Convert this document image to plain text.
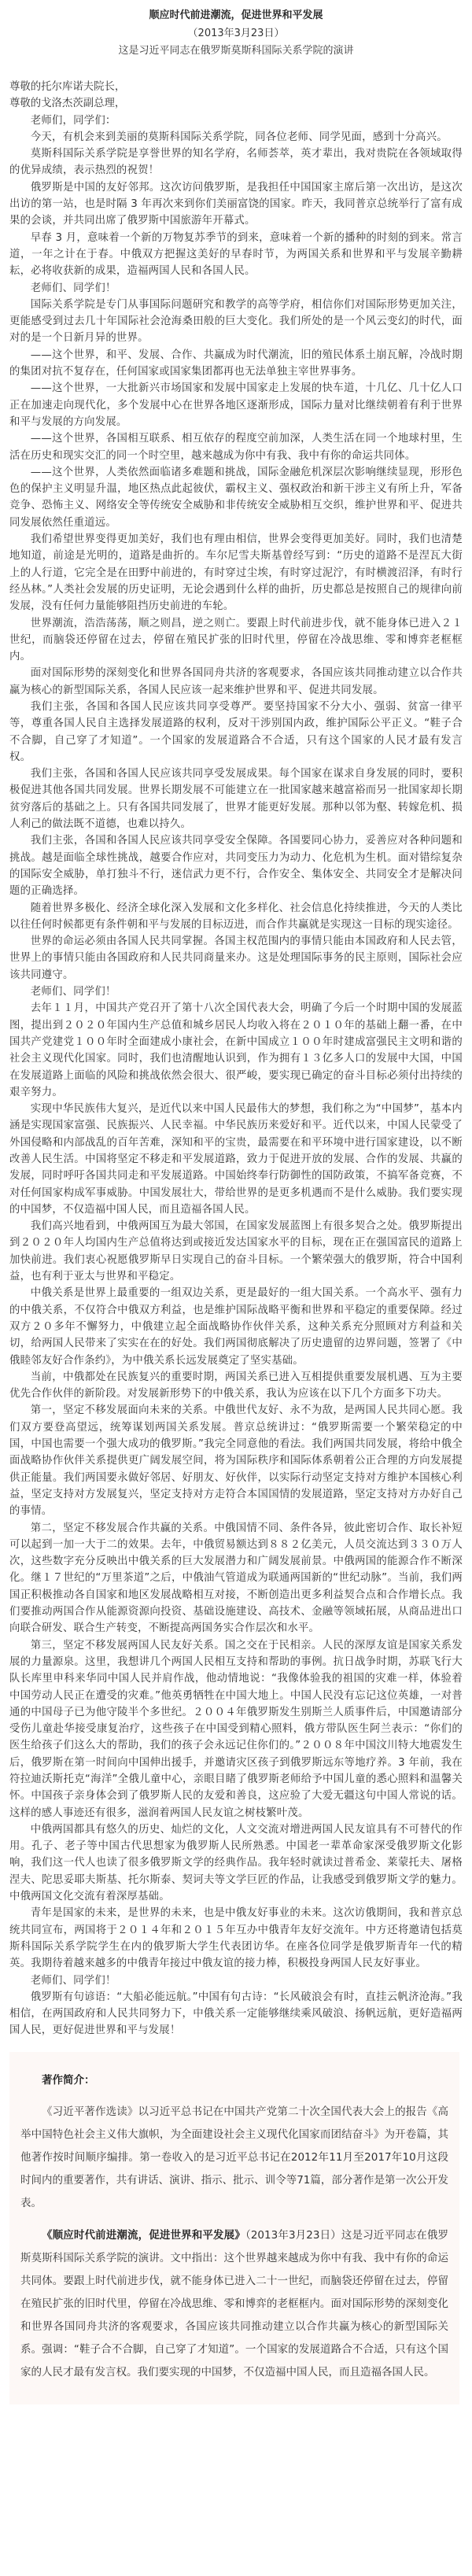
顺应时代前进潮流，促进世界和平发展

（2013年3月23日）

这是习近平同志在俄罗斯莫斯科国际关系学院的演讲

尊敬的托尔库诺夫院长，

尊敬的戈洛杰茨副总理，

老师们，同学们：

今天，有机会来到美丽的莫斯科国际关系学院，同各位老师、同学见面，感到十分高兴。

莫斯科国际关系学院是享誉世界的知名学府，名师荟萃，英才辈出，我对贵院在各领域取得的优异成绩，表示热烈的祝贺！

俄罗斯是中国的友好邻邦。这次访问俄罗斯，是我担任中国国家主席后第一次出访，是这次出访的第一站，也是时隔 3 年再次来到你们美丽富饶的国家。昨天，我同普京总统举行了富有成果的会谈，并共同出席了俄罗斯中国旅游年开幕式。

早春 3 月，意味着一个新的万物复苏季节的到来，意味着一个新的播种的时刻的到来。常言道，一年之计在于春。中俄双方把握这美好的早春时节，为两国关系和世界和平与发展辛勤耕耘，必将收获新的成果，造福两国人民和各国人民。

老师们、同学们！

国际关系学院是专门从事国际问题研究和教学的高等学府，相信你们对国际形势更加关注，更能感受到过去几十年国际社会沧海桑田般的巨大变化。我们所处的是一个风云变幻的时代，面对的是一个日新月异的世界。

——这个世界，和平、发展、合作、共赢成为时代潮流，旧的殖民体系土崩瓦解，冷战时期的集团对抗不复存在，任何国家或国家集团都再也无法单独主宰世界事务。

——这个世界，一大批新兴市场国家和发展中国家走上发展的快车道，十几亿、几十亿人口正在加速走向现代化，多个发展中心在世界各地区逐渐形成，国际力量对比继续朝着有利于世界和平与发展的方向发展。

——这个世界，各国相互联系、相互依存的程度空前加深，人类生活在同一个地球村里，生活在历史和现实交汇的同一个时空里，越来越成为你中有我、我中有你的命运共同体。

——这个世界，人类依然面临诸多难题和挑战，国际金融危机深层次影响继续显现，形形色色的保护主义明显升温，地区热点此起彼伏，霸权主义、强权政治和新干涉主义有所上升，军备竞争、恐怖主义、网络安全等传统安全威胁和非传统安全威胁相互交织，维护世界和平、促进共同发展依然任重道远。

我们希望世界变得更加美好，我们也有理由相信，世界会变得更加美好。同时，我们也清楚地知道，前途是光明的，道路是曲折的。车尔尼雪夫斯基曾经写到：“历史的道路不是涅瓦大街上的人行道，它完全是在田野中前进的，有时穿过尘埃，有时穿过泥泞，有时横渡沼泽，有时行经丛林。”人类社会发展的历史证明，无论会遇到什么样的曲折，历史都总是按照自己的规律向前发展，没有任何力量能够阻挡历史前进的车轮。

世界潮流，浩浩荡荡，顺之则昌，逆之则亡。要跟上时代前进步伐，就不能身体已进入２１世纪，而脑袋还停留在过去，停留在殖民扩张的旧时代里，停留在冷战思维、零和博弈老框框内。

面对国际形势的深刻变化和世界各国同舟共济的客观要求，各国应该共同推动建立以合作共赢为核心的新型国际关系，各国人民应该一起来维护世界和平、促进共同发展。

我们主张，各国和各国人民应该共同享受尊严。要坚持国家不分大小、强弱、贫富一律平等，尊重各国人民自主选择发展道路的权利，反对干涉别国内政，维护国际公平正义。“鞋子合不合脚，自己穿了才知道”。一个国家的发展道路合不合适，只有这个国家的人民才最有发言权。

我们主张，各国和各国人民应该共同享受发展成果。每个国家在谋求自身发展的同时，要积极促进其他各国共同发展。世界长期发展不可能建立在一批国家越来越富裕而另一批国家却长期贫穷落后的基础之上。只有各国共同发展了，世界才能更好发展。那种以邻为壑、转嫁危机、损人利己的做法既不道德，也难以持久。

我们主张，各国和各国人民应该共同享受安全保障。各国要同心协力，妥善应对各种问题和挑战。越是面临全球性挑战，越要合作应对，共同变压力为动力、化危机为生机。面对错综复杂的国际安全威胁，单打独斗不行，迷信武力更不行，合作安全、集体安全、共同安全才是解决问题的正确选择。

随着世界多极化、经济全球化深入发展和文化多样化、社会信息化持续推进，今天的人类比以往任何时候都更有条件朝和平与发展的目标迈进，而合作共赢就是实现这一目标的现实途径。

世界的命运必须由各国人民共同掌握。各国主权范围内的事情只能由本国政府和人民去管，世界上的事情只能由各国政府和人民共同商量来办。这是处理国际事务的民主原则，国际社会应该共同遵守。

老师们、同学们！

去年１１月，中国共产党召开了第十八次全国代表大会，明确了今后一个时期中国的发展蓝图，提出到２０２０年国内生产总值和城乡居民人均收入将在２０１０年的基础上翻一番，在中国共产党建党１００年时全面建成小康社会，在新中国成立１００年时建成富强民主文明和谐的社会主义现代化国家。同时，我们也清醒地认识到，作为拥有１３亿多人口的发展中大国，中国在发展道路上面临的风险和挑战依然会很大、很严峻，要实现已确定的奋斗目标必须付出持续的艰辛努力。

实现中华民族伟大复兴，是近代以来中国人民最伟大的梦想，我们称之为“中国梦”，基本内涵是实现国家富强、民族振兴、人民幸福。中华民族历来爱好和平。近代以来，中国人民蒙受了外国侵略和内部战乱的百年苦难，深知和平的宝贵，最需要在和平环境中进行国家建设，以不断改善人民生活。中国将坚定不移走和平发展道路，致力于促进开放的发展、合作的发展、共赢的发展，同时呼吁各国共同走和平发展道路。中国始终奉行防御性的国防政策，不搞军备竞赛，不对任何国家构成军事威胁。中国发展壮大，带给世界的是更多机遇而不是什么威胁。我们要实现的中国梦，不仅造福中国人民，而且造福各国人民。

我们高兴地看到，中俄两国互为最大邻国，在国家发展蓝图上有很多契合之处。俄罗斯提出到２０２０年人均国内生产总值将达到或接近发达国家水平的目标，现在正在强国富民的道路上加快前进。我们衷心祝愿俄罗斯早日实现自己的奋斗目标。一个繁荣强大的俄罗斯，符合中国利益，也有利于亚太与世界和平稳定。

中俄关系是世界上最重要的一组双边关系，更是最好的一组大国关系。一个高水平、强有力的中俄关系，不仅符合中俄双方利益，也是维护国际战略平衡和世界和平稳定的重要保障。经过双方２０多年不懈努力，中俄建立起全面战略协作伙伴关系，这种关系充分照顾对方利益和关切，给两国人民带来了实实在在的好处。我们两国彻底解决了历史遗留的边界问题，签署了《中俄睦邻友好合作条约》，为中俄关系长远发展奠定了坚实基础。

当前，中俄都处在民族复兴的重要时期，两国关系已进入互相提供重要发展机遇、互为主要优先合作伙伴的新阶段。对发展新形势下的中俄关系，我认为应该在以下几个方面多下功夫。

第一，坚定不移发展面向未来的关系。中俄世代友好、永不为敌，是两国人民共同心愿。我们双方要登高望远，统筹谋划两国关系发展。普京总统讲过：“俄罗斯需要一个繁荣稳定的中国，中国也需要一个强大成功的俄罗斯。”我完全同意他的看法。我们两国共同发展，将给中俄全面战略协作伙伴关系提供更广阔发展空间，将为国际秩序和国际体系朝着公正合理的方向发展提供正能量。我们两国要永做好邻居、好朋友、好伙伴，以实际行动坚定支持对方维护本国核心利益，坚定支持对方发展复兴，坚定支持对方走符合本国国情的发展道路，坚定支持对方办好自己的事情。

第二，坚定不移发展合作共赢的关系。中俄国情不同、条件各异，彼此密切合作、取长补短可以起到一加一大于二的效果。去年，中俄贸易额达到８８２亿美元，人员交流达到３３０万人次，这些数字充分反映出中俄关系的巨大发展潜力和广阔发展前景。中俄两国的能源合作不断深化。继１７世纪的“万里茶道”之后，中俄油气管道成为联通两国新的“世纪动脉”。当前，我们两国正积极推动各自国家和地区发展战略相互对接，不断创造出更多利益契合点和合作增长点。我们要推动两国合作从能源资源向投资、基础设施建设、高技术、金融等领域拓展，从商品进出口向联合研发、联合生产转变，不断提高两国务实合作层次和水平。

第三，坚定不移发展两国人民友好关系。国之交在于民相亲。人民的深厚友谊是国家关系发展的力量源泉。这里，我想讲几个两国人民相互支持和帮助的事例。抗日战争时期，苏联飞行大队长库里申科来华同中国人民并肩作战，他动情地说：“我像体验我的祖国的灾难一样，体验着中国劳动人民正在遭受的灾难。”他英勇牺牲在中国大地上。中国人民没有忘记这位英雄，一对普通的中国母子已为他守陵半个多世纪。２００４年俄罗斯发生别斯兰人质事件后，中国邀请部分受伤儿童赴华接受康复治疗，这些孩子在中国受到精心照料，俄方带队医生阿兰表示：“你们的医生给孩子们这么大的帮助，我们的孩子会永远记住你们的。”２００８年中国汶川特大地震发生后，俄罗斯在第一时间向中国伸出援手，并邀请灾区孩子到俄罗斯远东等地疗养。3 年前，我在符拉迪沃斯托克“海洋”全俄儿童中心，亲眼目睹了俄罗斯老师给予中国儿童的悉心照料和温馨关怀。中国孩子亲身体会到了俄罗斯人民的友爱和善良，这应验了大爱无疆这句中国人常说的话。这样的感人事迹还有很多，滋润着两国人民友谊之树枝繁叶茂。

中俄两国都具有悠久的历史、灿烂的文化，人文交流对增进两国人民友谊具有不可替代的作用。孔子、老子等中国古代思想家为俄罗斯人民所熟悉。中国老一辈革命家深受俄罗斯文化影响，我们这一代人也读了很多俄罗斯文学的经典作品。我年轻时就读过普希金、莱蒙托夫、屠格涅夫、陀思妥耶夫斯基、托尔斯泰、契诃夫等文学巨匠的作品，让我感受到俄罗斯文学的魅力。中俄两国文化交流有着深厚基础。

青年是国家的未来，是世界的未来，也是中俄友好事业的未来。这次访俄期间，我和普京总统共同宣布，两国将于２０１４年和２０１５年互办中俄青年友好交流年。中方还将邀请包括莫斯科国际关系学院学生在内的俄罗斯大学生代表团访华。在座各位同学是俄罗斯青年一代的精英。我期待着越来越多的中俄青年接过中俄友谊的接力棒，积极投身两国人民友好事业。

老师们、同学们！

俄罗斯有句谚语：“大船必能远航。”中国有句古诗：“长风破浪会有时，直挂云帆济沧海。”我相信，在两国政府和人民共同努力下，中俄关系一定能够继续乘风破浪、扬帆远航，更好造福两国人民，更好促进世界和平与发展！

著作简介：

《习近平著作选读》以习近平总书记在中国共产党第二十次全国代表大会上的报告《高举中国特色社会主义伟大旗帜，为全面建设社会主义现代化国家而团结奋斗》为开卷篇，其他著作按时间顺序编排。第一卷收入的是习近平总书记在2012年11月至2017年10月这段时间内的重要著作，共有讲话、演讲、指示、批示、训令等71篇，部分著作是第一次公开发表。

《顺应时代前进潮流，促进世界和平发展》（2013年3月23日）这是习近平同志在俄罗斯莫斯科国际关系学院的演讲。文中指出：这个世界越来越成为你中有我、我中有你的命运共同体。要跟上时代前进步伐，就不能身体已进入二十一世纪，而脑袋还停留在过去，停留在殖民扩张的旧时代里，停留在冷战思维、零和博弈的老框框内。面对国际形势的深刻变化和世界各国同舟共济的客观要求，各国应该共同推动建立以合作共赢为核心的新型国际关系。强调：“鞋子合不合脚，自己穿了才知道”。一个国家的发展道路合不合适，只有这个国家的人民才最有发言权。我们要实现的中国梦，不仅造福中国人民，而且造福各国人民。
